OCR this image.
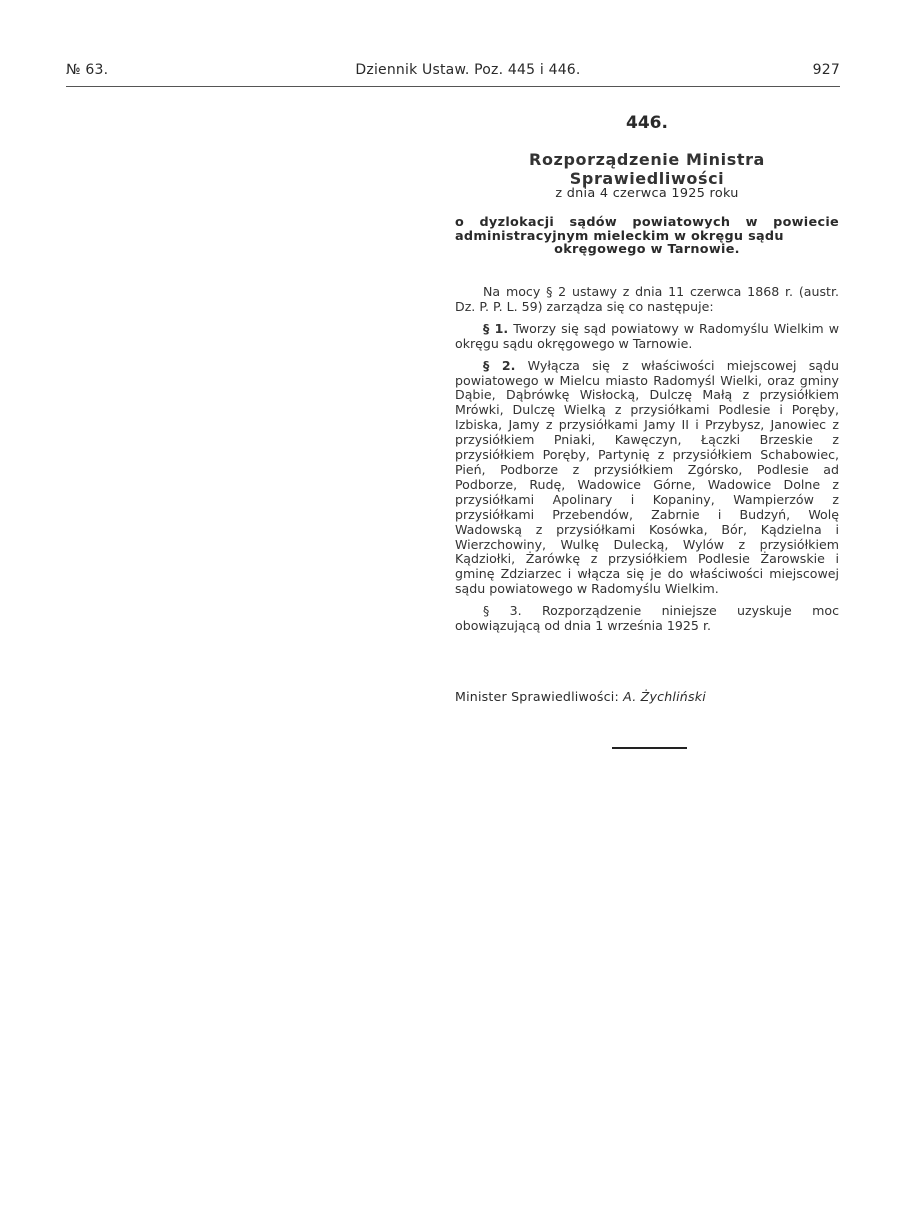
№ 63.	Dziennik Ustaw. Poz. 445 i 446.	927
446.
Rozporządzenie Ministra Sprawiedliwości
z dnia 4 czerwca 1925 roku
o dyzlokacji sądów powiatowych w powiecie administracyjnym mieleckim w okręgu sądu
okręgowego w Tarnowie.

Na mocy § 2 ustawy z dnia 11 czerwca 1868 r. (austr. Dz. P. P. L. 59) zarządza się co następuje:

§ 1. Tworzy się sąd powiatowy w Radomyślu Wielkim w okręgu sądu okręgowego w Tarnowie.

§ 2. Wyłącza się z właściwości miejscowej sądu powiatowego w Mielcu miasto Radomyśl Wielki, oraz gminy Dąbie, Dąbrówkę Wisłocką, Dulczę Małą z przysiółkiem Mrówki, Dulczę Wielką z przysiółkami Podlesie i Poręby, Izbiska, Jamy z przysiółkami Jamy II i Przybysz, Janowiec z przysiółkiem Pniaki, Kawęczyn, Łączki Brzeskie z przysiółkiem Poręby, Partynię z przysiółkiem Schabowiec, Pień, Podborze z przysiółkiem Zgórsko, Podlesie ad Podborze, Rudę, Wadowice Górne, Wadowice Dolne z przysiółkami Apolinary i Kopaniny, Wampierzów z przysiółkami Przebendów, Zabrnie i Budzyń, Wolę Wadowską z przysiółkami Kosówka, Bór, Kądzielna i Wierzchowiny, Wulkę Dulecką, Wylów z przysiółkiem Kądziołki, Żarówkę z przysiółkiem Podlesie Żarowskie i gminę Zdziarzec i włącza się je do właściwości miejscowej sądu powiatowego w Radomyślu Wielkim.

§ 3. Rozporządzenie niniejsze uzyskuje moc obowiązującą od dnia 1 września 1925 r.

Minister Sprawiedliwości: A. Żychliński
